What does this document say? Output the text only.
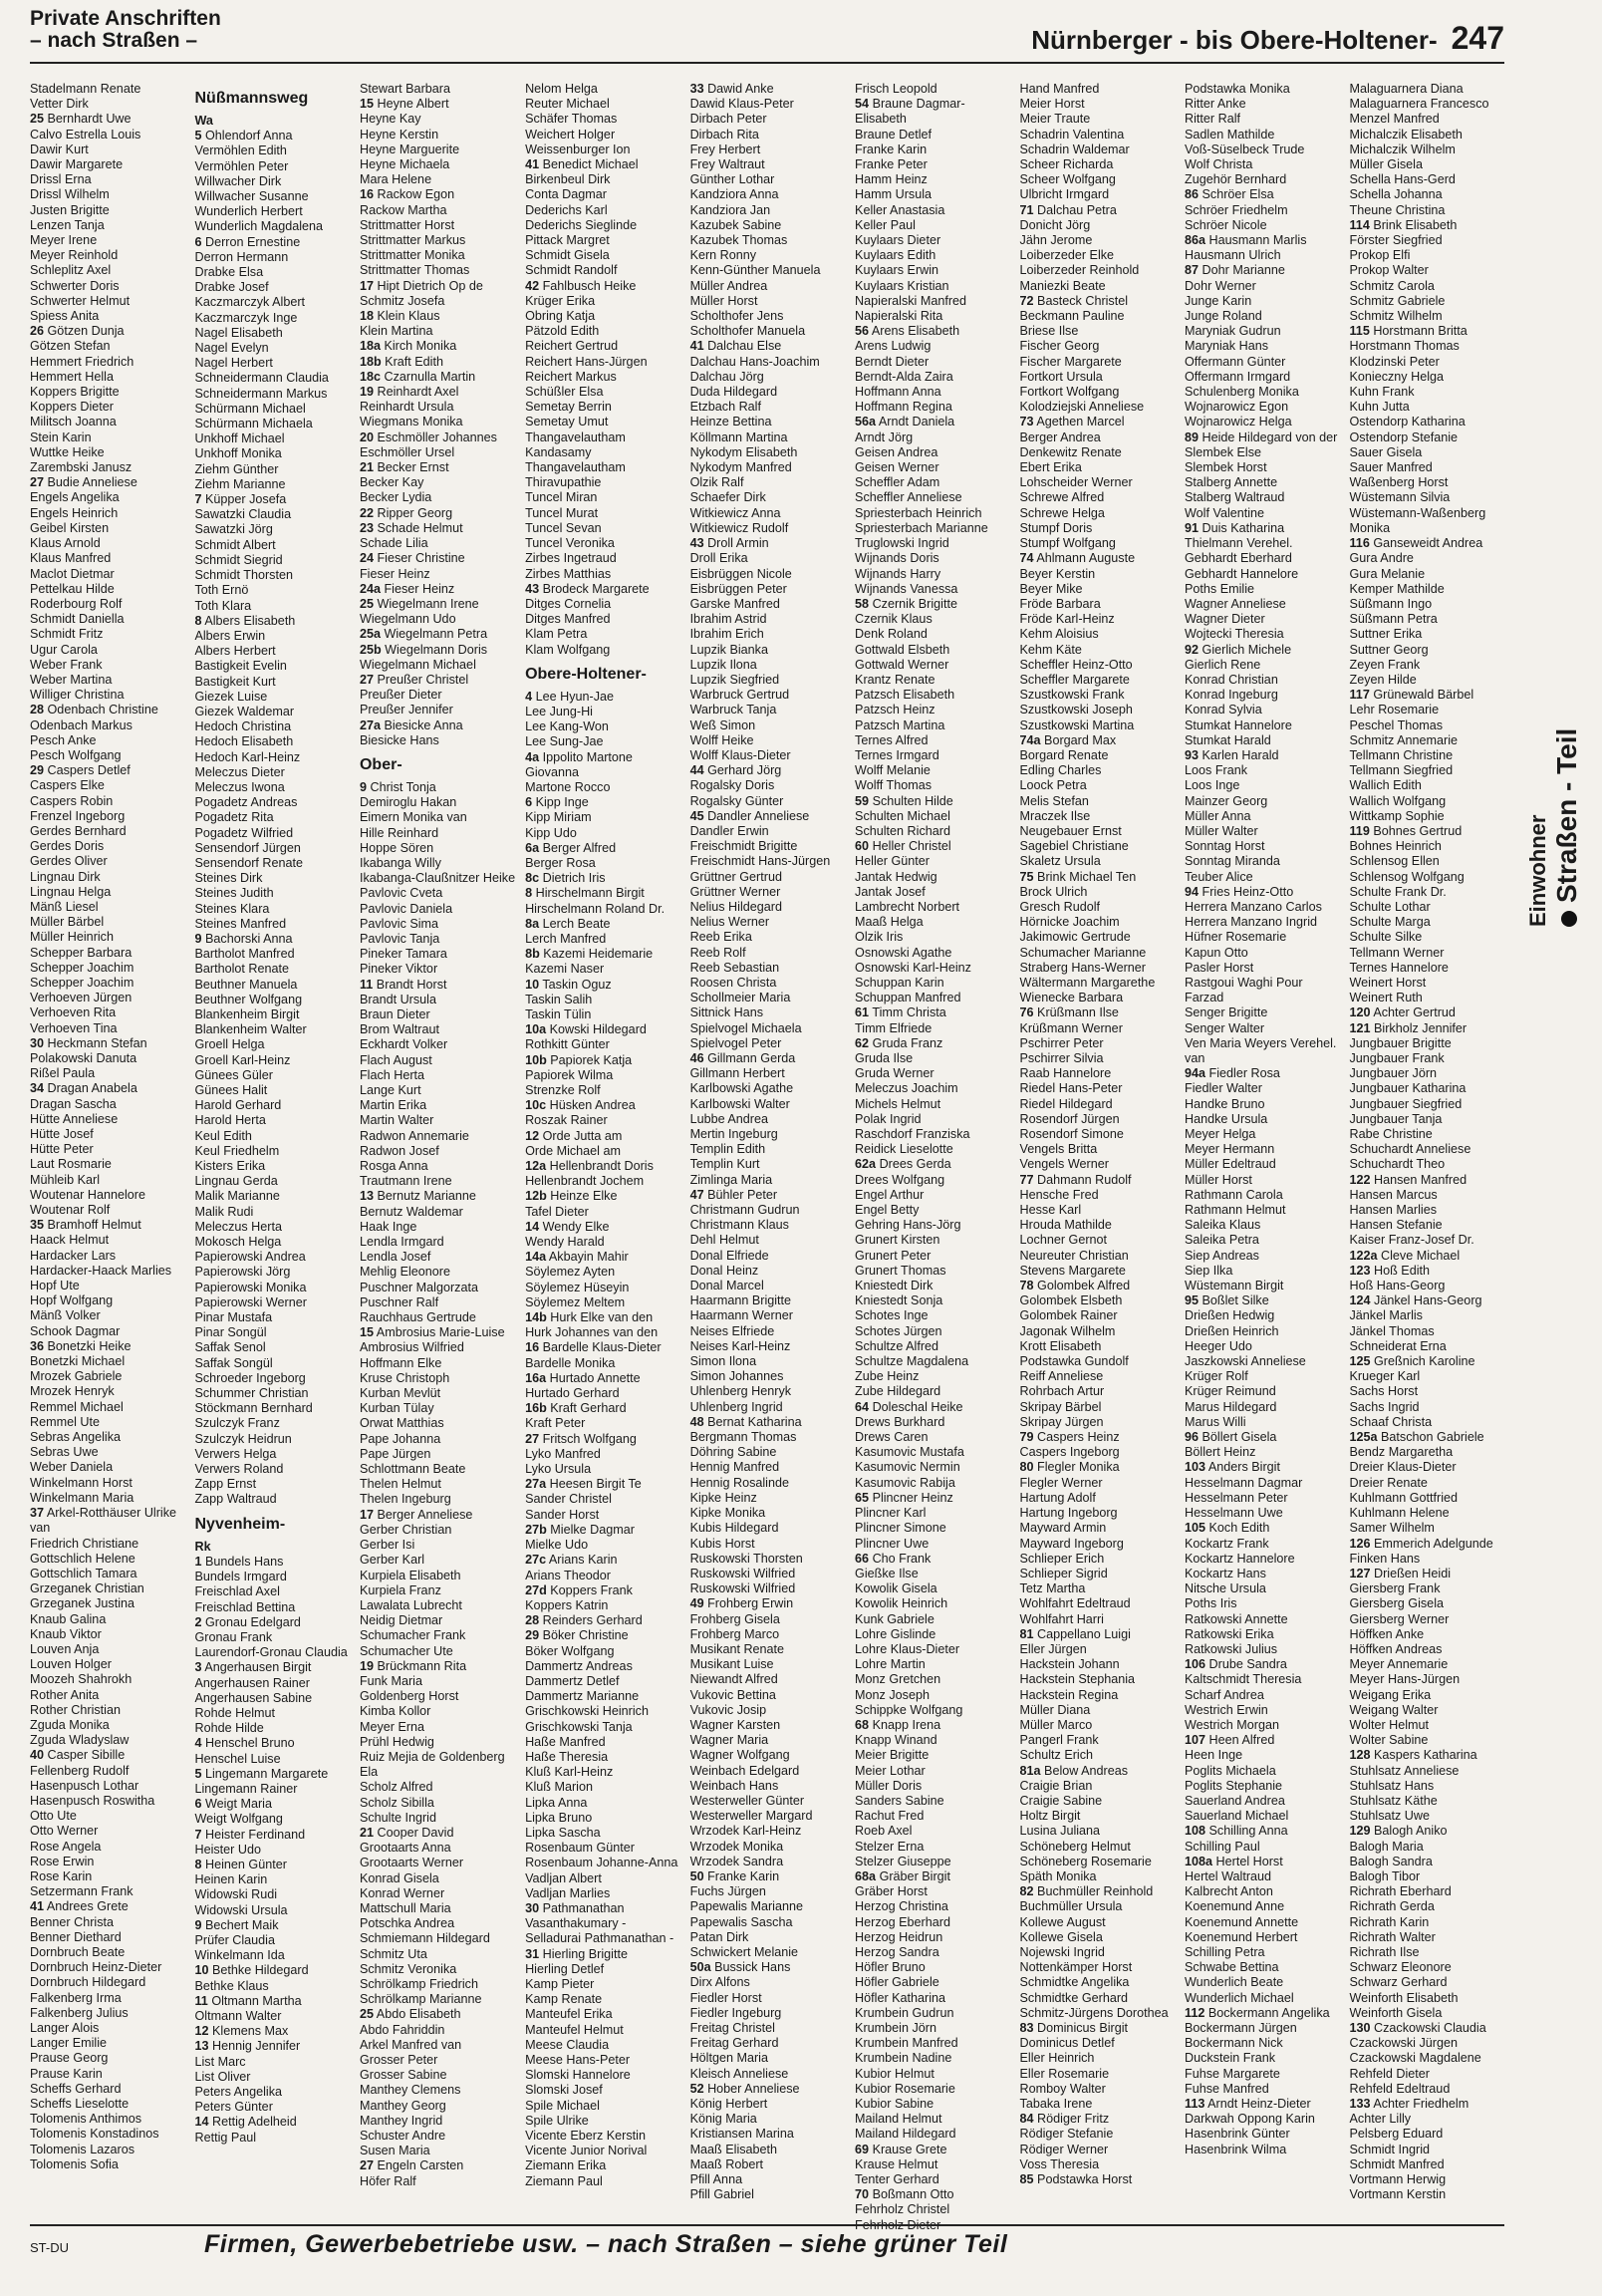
Private Anschriften
– nach Straßen –	Nürnberger - bis Obere-Holtener- 247
Stadelmann Renate
Vetter Dirk
25 Bernhardt Uwe
Calvo Estrella Louis
Dawir Kurt
Dawir Margarete
Drissl Erna
Drissl Wilhelm
Justen Brigitte
Lenzen Tanja
Meyer Irene
Meyer Reinhold
Schleplitz Axel
Schwerter Doris
Schwerter Helmut
Spiess Anita
26 Götzen Dunja
Götzen Stefan
Hemmert Friedrich
Hemmert Hella
Koppers Brigitte
Koppers Dieter
Militsch Joanna
Stein Karin
Wuttke Heike
Zarembski Janusz
27 Budie Anneliese
Engels Angelika
Engels Heinrich
Geibel Kirsten
Klaus Arnold
Klaus Manfred
Maclot Dietmar
Pettelkau Hilde
Roderbourg Rolf
Schmidt Daniella
Schmidt Fritz
Ugur Carola
Weber Frank
Weber Martina
Williger Christina
28 Odenbach Christine
Odenbach Markus
Pesch Anke
Pesch Wolfgang
29 Caspers Detlef
Caspers Elke
Caspers Robin
Frenzel Ingeborg
Gerdes Bernhard
Gerdes Doris
Gerdes Oliver
Lingnau Dirk
Lingnau Helga
Mänß Liesel
Müller Bärbel
Müller Heinrich
Schepper Barbara
Schepper Joachim
Schepper Joachim
Verhoeven Jürgen
Verhoeven Rita
Verhoeven Tina
30 Heckmann Stefan
Polakowski Danuta
Rißel Paula
34 Dragan Anabela
Dragan Sascha
Hütte Anneliese
Hütte Josef
Hütte Peter
Laut Rosmarie
Mühleib Karl
Woutenar Hannelore
Woutenar Rolf
35 Bramhoff Helmut
Haack Helmut
Hardacker Lars
Hardacker-Haack Marlies
Hopf Ute
Hopf Wolfgang
Mänß Volker
Schook Dagmar
36 Bonetzki Heike
Bonetzki Michael
Mrozek Gabriele
Mrozek Henryk
Remmel Michael
Remmel Ute
Sebras Angelika
Sebras Uwe
Weber Daniela
Winkelmann Horst
Winkelmann Maria
37 Arkel-Rotthäuser Ulrike
van
Friedrich Christiane
Gottschlich Helene
Gottschlich Tamara
Grzeganek Christian
Grzeganek Justina
Knaub Galina
Knaub Viktor
Louven Anja
Louven Holger
Moozeh Shahrokh
Rother Anita
Rother Christian
Zguda Monika
Zguda Wladyslaw
40 Casper Sibille
Fellenberg Rudolf
Hasenpusch Lothar
Hasenpusch Roswitha
Otto Ute
Otto Werner
Rose Angela
Rose Erwin
Rose Karin
Setzermann Frank
41 Andrees Grete
Benner Christa
Benner Diethard
Dornbruch Beate
Dornbruch Heinz-Dieter
Dornbruch Hildegard
Falkenberg Irma
Falkenberg Julius
Langer Alois
Langer Emilie
Prause Georg
Prause Karin
Scheffs Gerhard
Scheffs Lieselotte
Tolomenis Anthimos
Tolomenis Konstadinos
Tolomenis Lazaros
Tolomenis Sofia
Nüßmannsweg
Wa
5 Ohlendorf Anna
Vermöhlen Edith
Vermöhlen Peter
Willwacher Dirk
Willwacher Susanne
Wunderlich Herbert
Wunderlich Magdalena
6 Derron Ernestine
Derron Hermann
Drabke Elsa
Drabke Josef
Kaczmarczyk Albert
Kaczmarczyk Inge
Nagel Elisabeth
Nagel Evelyn
Nagel Herbert
Schneidermann Claudia
Schneidermann Markus
Schürmann Michael
Schürmann Michaela
Unkhoff Michael
Unkhoff Monika
Ziehm Günther
Ziehm Marianne
7 Küpper Josefa
Sawatzki Claudia
Sawatzki Jörg
Schmidt Albert
Schmidt Siegrid
Schmidt Thorsten
Toth Ernö
Toth Klara
8 Albers Elisabeth
Albers Erwin
Albers Herbert
Bastigkeit Evelin
Bastigkeit Kurt
Giezek Luise
Giezek Waldemar
Hedoch Christina
Hedoch Elisabeth
Hedoch Karl-Heinz
Meleczus Dieter
Meleczus Iwona
Pogadetz Andreas
Pogadetz Rita
Pogadetz Wilfried
Sensendorf Jürgen
Sensendorf Renate
Steines Dirk
Steines Judith
Steines Klara
Steines Manfred
9 Bachorski Anna
Bartholot Manfred
Bartholot Renate
Beuthner Manuela
Beuthner Wolfgang
Blankenheim Birgit
Blankenheim Walter
Groell Helga
Groell Karl-Heinz
Günees Güler
Günees Halit
Harold Gerhard
Harold Herta
Keul Edith
Keul Friedhelm
Kisters Erika
Lingnau Gerda
Malik Marianne
Malik Rudi
Meleczus Herta
Mokosch Helga
Papierowski Andrea
Papierowski Jörg
Papierowski Monika
Papierowski Werner
Pinar Mustafa
Pinar Songül
Saffak Senol
Saffak Songül
Schroeder Ingeborg
Schummer Christian
Stöckmann Bernhard
Szulczyk Franz
Szulczyk Heidrun
Verwers Helga
Verwers Roland
Zapp Ernst
Zapp Waltraud
Nyvenheim-
Rk
1 Bundels Hans
Bundels Irmgard
Freischlad Axel
Freischlad Bettina
2 Gronau Edelgard
Gronau Frank
Laurendorf-Gronau Claudia
3 Angerhausen Birgit
Angerhausen Rainer
Angerhausen Sabine
Rohde Helmut
Rohde Hilde
4 Henschel Bruno
Henschel Luise
5 Lingemann Margarete
Lingemann Rainer
6 Weigt Maria
Weigt Wolfgang
7 Heister Ferdinand
Heister Udo
8 Heinen Günter
Heinen Karin
Widowski Rudi
Widowski Ursula
9 Bechert Maik
Prüfer Claudia
Winkelmann Ida
10 Bethke Hildegard
Bethke Klaus
11 Oltmann Martha
Oltmann Walter
12 Klemens Max
13 Hennig Jennifer
List Marc
List Oliver
Peters Angelika
Peters Günter
14 Rettig Adelheid
Rettig Paul
Stewart Barbara
15 Heyne Albert
Heyne Kay
Heyne Kerstin
Heyne Marguerite
Heyne Michaela
Mara Helene
16 Rackow Egon
Rackow Martha
Strittmatter Horst
Strittmatter Markus
Strittmatter Monika
Strittmatter Thomas
17 Hipt Dietrich Op de
Schmitz Josefa
18 Klein Klaus
Klein Martina
18a Kirch Monika
18b Kraft Edith
18c Czarnulla Martin
19 Reinhardt Axel
Reinhardt Ursula
Wiegmans Monika
20 Eschmöller Johannes
Eschmöller Ursel
21 Becker Ernst
Becker Kay
Becker Lydia
22 Ripper Georg
23 Schade Helmut
Schade Lilia
24 Fieser Christine
Fieser Heinz
24a Fieser Heinz
25 Wiegelmann Irene
Wiegelmann Udo
25a Wiegelmann Petra
25b Wiegelmann Doris
Wiegelmann Michael
27 Preußer Christel
Preußer Dieter
Preußer Jennifer
27a Biesicke Anna
Biesicke Hans
Ober-
9 Christ Tonja
Demiroglu Hakan
Eimern Monika van
Hille Reinhard
Hoppe Sören
Ikabanga Willy
Ikabanga-Claußnitzer Heike
Pavlovic Cveta
Pavlovic Daniela
Pavlovic Sima
Pavlovic Tanja
Pineker Tamara
Pineker Viktor
11 Brandt Horst
Brandt Ursula
Braun Dieter
Brom Waltraut
Eckhardt Volker
Flach August
Flach Herta
Lange Kurt
Martin Erika
Martin Walter
Radwon Annemarie
Radwon Josef
Rosga Anna
Trautmann Irene
13 Bernutz Marianne
Bernutz Waldemar
Haak Inge
Lendla Irmgard
Lendla Josef
Mehlig Eleonore
Puschner Malgorzata
Puschner Ralf
Rauchhaus Gertrude
15 Ambrosius Marie-Luise
Ambrosius Wilfried
Hoffmann Elke
Kruse Christoph
Kurban Mevlüt
Kurban Tülay
Orwat Matthias
Pape Johanna
Pape Jürgen
Schlottmann Beate
Thelen Helmut
Thelen Ingeburg
17 Berger Anneliese
Gerber Christian
Gerber Isi
Gerber Karl
Kurpiela Elisabeth
Kurpiela Franz
Lawalata Lubrecht
Neidig Dietmar
Schumacher Frank
Schumacher Ute
19 Brückmann Rita
Funk Maria
Goldenberg Horst
Kimba Kollor
Meyer Erna
Prühl Hedwig
Ruiz Mejia de Goldenberg
Ela
Scholz Alfred
Scholz Sibilla
Schulte Ingrid
21 Cooper David
Grootaarts Anna
Grootaarts Werner
Konrad Gisela
Konrad Werner
Mattschull Maria
Potschka Andrea
Schmiemann Hildegard
Schmitz Uta
Schmitz Veronika
Schrölkamp Friedrich
Schrölkamp Marianne
25 Abdo Elisabeth
Abdo Fahriddin
Arkel Manfred van
Grosser Peter
Grosser Sabine
Manthey Clemens
Manthey Georg
Manthey Ingrid
Schuster Andre
Susen Maria
27 Engeln Carsten
Höfer Ralf
Nelom Helga
Reuter Michael
Schäfer Thomas
Weichert Holger
Weissenburger Ion
41 Benedict Michael
Birkenbeul Dirk
Conta Dagmar
Dederichs Karl
Dederichs Sieglinde
Pittack Margret
Schmidt Gisela
Schmidt Randolf
42 Fahlbusch Heike
Krüger Erika
Obring Katja
Pätzold Edith
Reichert Gertrud
Reichert Hans-Jürgen
Reichert Markus
Schüßler Elsa
Semetay Berrin
Semetay Umut
Thangavelautham
Kandasamy
Thangavelautham
Thiravupathie
Tuncel Miran
Tuncel Murat
Tuncel Sevan
Tuncel Veronika
Zirbes Ingetraud
Zirbes Matthias
43 Brodeck Margarete
Ditges Cornelia
Ditges Manfred
Klam Petra
Klam Wolfgang
Obere-Holtener-
4 Lee Hyun-Jae
Lee Jung-Hi
Lee Kang-Won
Lee Sung-Jae
4a Ippolito Martone
Giovanna
Martone Rocco
6 Kipp Inge
Kipp Miriam
Kipp Udo
6a Berger Alfred
Berger Rosa
8c Dietrich Iris
8 Hirschelmann Birgit
Hirschelmann Roland Dr.
8a Lerch Beate
Lerch Manfred
8b Kazemi Heidemarie
Kazemi Naser
10 Taskin Oguz
Taskin Salih
Taskin Tülin
10a Kowski Hildegard
Rothkitt Günter
10b Papiorek Katja
Papiorek Wilma
Strenzke Rolf
10c Hüsken Andrea
Roszak Rainer
12 Orde Jutta am
Orde Michael am
12a Hellenbrandt Doris
Hellenbrandt Jochem
12b Heinze Elke
Tafel Dieter
14 Wendy Elke
Wendy Harald
14a Akbayin Mahir
Söylemez Ayten
Söylemez Hüseyin
Söylemez Meltem
14b Hurk Elke van den
Hurk Johannes van den
16 Bardelle Klaus-Dieter
Bardelle Monika
16a Hurtado Annette
Hurtado Gerhard
16b Kraft Gerhard
Kraft Peter
27 Fritsch Wolfgang
Lyko Manfred
Lyko Ursula
27a Heesen Birgit Te
Sander Christel
Sander Horst
27b Mielke Dagmar
Mielke Udo
27c Arians Karin
Arians Theodor
27d Koppers Frank
Koppers Katrin
28 Reinders Gerhard
29 Böker Christine
Böker Wolfgang
Dammertz Andreas
Dammertz Detlef
Dammertz Marianne
Grischkowski Heinrich
Grischkowski Tanja
Haße Manfred
Haße Theresia
Kluß Karl-Heinz
Kluß Marion
Lipka Anna
Lipka Bruno
Lipka Sascha
Rosenbaum Günter
Rosenbaum Johanne-Anna
Vadljan Albert
Vadljan Marlies
30 Pathmanathan
Vasanthakumary -
Selladurai Pathmanathan -
31 Hierling Brigitte
Hierling Detlef
Kamp Pieter
Kamp Renate
Manteufel Erika
Manteufel Helmut
Meese Claudia
Meese Hans-Peter
Slomski Hannelore
Slomski Josef
Spile Michael
Spile Ulrike
Vicente Eberz Kerstin
Vicente Junior Norival
Ziemann Erika
Ziemann Paul
33 Dawid Anke
Dawid Klaus-Peter
Dirbach Peter
Dirbach Rita
Frey Herbert
Frey Waltraut
Günther Lothar
Kandziora Anna
Kandziora Jan
Kazubek Sabine
Kazubek Thomas
Kern Ronny
Kenn-Günther Manuela
Müller Andrea
Müller Horst
Scholthofer Jens
Scholthofer Manuela
41 Dalchau Else
Dalchau Hans-Joachim
Dalchau Jörg
Duda Hildegard
Etzbach Ralf
Heinze Bettina
Köllmann Martina
Nykodym Elisabeth
Nykodym Manfred
Olzik Ralf
Schaefer Dirk
Witkiewicz Anna
Witkiewicz Rudolf
43 Droll Armin
Droll Erika
Eisbrüggen Nicole
Eisbrüggen Peter
Garske Manfred
Ibrahim Astrid
Ibrahim Erich
Lupzik Bianka
Lupzik Ilona
Lupzik Siegfried
Warbruck Gertrud
Warbruck Tanja
Weß Simon
Wolff Heike
Wolff Klaus-Dieter
44 Gerhard Jörg
Rogalsky Doris
Rogalsky Günter
45 Dandler Anneliese
Dandler Erwin
Freischmidt Brigitte
Freischmidt Hans-Jürgen
Grüttner Gertrud
Grüttner Werner
Nelius Hildegard
Nelius Werner
Reeb Erika
Reeb Rolf
Reeb Sebastian
Roosen Christa
Schollmeier Maria
Sittnick Hans
Spielvogel Michaela
Spielvogel Peter
46 Gillmann Gerda
Gillmann Herbert
Karlbowski Agathe
Karlbowski Walter
Lubbe Andrea
Mertin Ingeburg
Templin Edith
Templin Kurt
Zimlinga Maria
47 Bühler Peter
Christmann Gudrun
Christmann Klaus
Dehl Helmut
Donal Elfriede
Donal Heinz
Donal Marcel
Haarmann Brigitte
Haarmann Werner
Neises Elfriede
Neises Karl-Heinz
Simon Ilona
Simon Johannes
Uhlenberg Henryk
Uhlenberg Ingrid
48 Bernat Katharina
Bergmann Thomas
Döhring Sabine
Hennig Manfred
Hennig Rosalinde
Kipke Heinz
Kipke Monika
Kubis Hildegard
Kubis Horst
Ruskowski Thorsten
Ruskowski Wilfried
Ruskowski Wilfried
49 Frohberg Erwin
Frohberg Gisela
Frohberg Marco
Musikant Renate
Musikant Luise
Niewandt Alfred
Vukovic Bettina
Vukovic Josip
Wagner Karsten
Wagner Maria
Wagner Wolfgang
Weinbach Edelgard
Weinbach Hans
Westerweller Günter
Westerweller Margard
Wrzodek Karl-Heinz
Wrzodek Monika
Wrzodek Sandra
50 Franke Karin
Fuchs Jürgen
Papewalis Marianne
Papewalis Sascha
Patan Dirk
Schwickert Melanie
50a Bussick Hans
Dirx Alfons
Fiedler Horst
Fiedler Ingeburg
Freitag Christel
Freitag Gerhard
Höltgen Maria
Kleisch Anneliese
52 Hober Anneliese
König Herbert
König Maria
Kristiansen Marina
Maaß Elisabeth
Maaß Robert
Pfill Anna
Pfill Gabriel
Frisch Leopold
54 Braune Dagmar-
Elisabeth
Braune Detlef
Franke Karin
Franke Peter
Hamm Heinz
Hamm Ursula
Keller Anastasia
Keller Paul
Kuylaars Dieter
Kuylaars Edith
Kuylaars Erwin
Kuylaars Kristian
Napieralski Manfred
Napieralski Rita
56 Arens Elisabeth
Arens Ludwig
Berndt Dieter
Berndt-Alda Zaira
Hoffmann Anna
Hoffmann Regina
56a Arndt Daniela
Arndt Jörg
Geisen Andrea
Geisen Werner
Scheffler Adam
Scheffler Anneliese
Spriesterbach Heinrich
Spriesterbach Marianne
Truglowski Ingrid
Wijnands Doris
Wijnands Harry
Wijnands Vanessa
58 Czernik Brigitte
Czernik Klaus
Denk Roland
Gottwald Elsbeth
Gottwald Werner
Krantz Renate
Patzsch Elisabeth
Patzsch Heinz
Patzsch Martina
Ternes Alfred
Ternes Irmgard
Wolff Melanie
Wolff Thomas
59 Schulten Hilde
Schulten Michael
Schulten Richard
60 Heller Christel
Heller Günter
Jantak Hedwig
Jantak Josef
Lambrecht Norbert
Maaß Helga
Olzik Iris
Osnowski Agathe
Osnowski Karl-Heinz
Schuppan Karin
Schuppan Manfred
61 Timm Christa
Timm Elfriede
62 Gruda Franz
Gruda Ilse
Gruda Werner
Meleczus Joachim
Michels Helmut
Polak Ingrid
Raschdorf Franziska
Reidick Lieselotte
62a Drees Gerda
Drees Wolfgang
Engel Arthur
Engel Betty
Gehring Hans-Jörg
Grunert Kirsten
Grunert Peter
Grunert Thomas
Kniestedt Dirk
Kniestedt Sonja
Schotes Inge
Schotes Jürgen
Schultze Alfred
Schultze Magdalena
Zube Heinz
Zube Hildegard
64 Doleschal Heike
Drews Burkhard
Drews Caren
Kasumovic Mustafa
Kasumovic Nermin
Kasumovic Rabija
65 Plincner Heinz
Plincner Karl
Plincner Simone
Plincner Uwe
66 Cho Frank
Gießke Ilse
Kowolik Gisela
Kowolik Heinrich
Kunk Gabriele
Lohre Gislinde
Lohre Klaus-Dieter
Lohre Martin
Monz Gretchen
Monz Joseph
Schippke Wolfgang
68 Knapp Irena
Knapp Winand
Meier Brigitte
Meier Lothar
Müller Doris
Sanders Sabine
Rachut Fred
Roeb Axel
Stelzer Erna
Stelzer Giuseppe
68a Gräber Birgit
Gräber Horst
Herzog Christina
Herzog Eberhard
Herzog Heidrun
Herzog Sandra
Höfler Bruno
Höfler Gabriele
Höfler Katharina
Krumbein Gudrun
Krumbein Jörn
Krumbein Manfred
Krumbein Nadine
Kubior Helmut
Kubior Rosemarie
Kubior Sabine
Mailand Helmut
Mailand Hildegard
69 Krause Grete
Krause Helmut
Tenter Gerhard
70 Boßmann Otto
Fehrholz Christel
Fehrholz Dieter
Hand Manfred
Meier Horst
Meier Traute
Schadrin Valentina
Schadrin Waldemar
Scheer Richarda
Scheer Wolfgang
Ulbricht Irmgard
71 Dalchau Petra
Donicht Jörg
Jähn Jerome
Loiberzeder Elke
Loiberzeder Reinhold
Maniezki Beate
72 Basteck Christel
Beckmann Pauline
Briese Ilse
Fischer Georg
Fischer Margarete
Fortkort Ursula
Fortkort Wolfgang
Kolodziejski Anneliese
73 Agethen Marcel
Berger Andrea
Denkewitz Renate
Ebert Erika
Lohscheider Werner
Schrewe Alfred
Schrewe Helga
Stumpf Doris
Stumpf Wolfgang
74 Ahlmann Auguste
Beyer Kerstin
Beyer Mike
Fröde Barbara
Fröde Karl-Heinz
Kehm Aloisius
Kehm Käte
Scheffler Heinz-Otto
Scheffler Margarete
Szustkowski Frank
Szustkowski Joseph
Szustkowski Martina
74a Borgard Max
Borgard Renate
Edling Charles
Loock Petra
Melis Stefan
Mraczek Ilse
Neugebauer Ernst
Sagebiel Christiane
Skaletz Ursula
75 Brink Michael Ten
Brock Ulrich
Gresch Rudolf
Hörnicke Joachim
Jakimowic Gertrude
Schumacher Marianne
Straberg Hans-Werner
Wältermann Margarethe
Wienecke Barbara
76 Krüßmann Ilse
Krüßmann Werner
Pschirrer Peter
Pschirrer Silvia
Raab Hannelore
Riedel Hans-Peter
Riedel Hildegard
Rosendorf Jürgen
Rosendorf Simone
Vengels Britta
Vengels Werner
77 Dahmann Rudolf
Hensche Fred
Hesse Karl
Hrouda Mathilde
Lochner Gernot
Neureuter Christian
Stevens Margarete
78 Golombek Alfred
Golombek Elsbeth
Golombek Rainer
Jagonak Wilhelm
Krott Elisabeth
Podstawka Gundolf
Reiff Anneliese
Rohrbach Artur
Skripay Bärbel
Skripay Jürgen
79 Caspers Heinz
Caspers Ingeborg
80 Flegler Monika
Flegler Werner
Hartung Adolf
Hartung Ingeborg
Mayward Armin
Mayward Ingeborg
Schlieper Erich
Schlieper Sigrid
Tetz Martha
Wohlfahrt Edeltraud
Wohlfahrt Harri
81 Cappellano Luigi
Eller Jürgen
Hackstein Johann
Hackstein Stephania
Hackstein Regina
Müller Diana
Müller Marco
Pangerl Frank
Schultz Erich
81a Below Andreas
Craigie Brian
Craigie Sabine
Holtz Birgit
Lusina Juliana
Schöneberg Helmut
Schöneberg Rosemarie
Späth Monika
82 Buchmüller Reinhold
Buchmüller Ursula
Kollewe August
Kollewe Gisela
Nojewski Ingrid
Nottenkämper Horst
Schmidtke Angelika
Schmidtke Gerhard
Schmitz-Jürgens Dorothea
83 Dominicus Birgit
Dominicus Detlef
Eller Heinrich
Eller Rosemarie
Romboy Walter
Tabaka Irene
84 Rödiger Fritz
Rödiger Stefanie
Rödiger Werner
Voss Theresia
85 Podstawka Horst
Podstawka Monika
Ritter Anke
Ritter Ralf
Sadlen Mathilde
Voß-Süselbeck Trude
Wolf Christa
Zugehör Bernhard
86 Schröer Elsa
Schröer Friedhelm
Schröer Nicole
86a Hausmann Marlis
Hausmann Ulrich
87 Dohr Marianne
Dohr Werner
Junge Karin
Junge Roland
Maryniak Gudrun
Maryniak Hans
Offermann Günter
Offermann Irmgard
Schulenberg Monika
Wojnarowicz Egon
Wojnarowicz Helga
89 Heide Hildegard von der
Slembek Else
Slembek Horst
Stalberg Annette
Stalberg Waltraud
Wolf Valentine
91 Duis Katharina
Thielmann Verehel.
Gebhardt Eberhard
Gebhardt Hannelore
Poths Emilie
Wagner Anneliese
Wagner Dieter
Wojtecki Theresia
92 Gierlich Michele
Gierlich Rene
Konrad Christian
Konrad Ingeburg
Konrad Sylvia
Stumkat Hannelore
Stumkat Harald
93 Karlen Harald
Loos Frank
Loos Inge
Mainzer Georg
Müller Anna
Müller Walter
Sonntag Horst
Sonntag Miranda
Teuber Alice
94 Fries Heinz-Otto
Herrera Manzano Carlos
Herrera Manzano Ingrid
Hüfner Rosemarie
Kapun Otto
Pasler Horst
Rastgoui Waghi Pour
Farzad
Senger Brigitte
Senger Walter
Ven Maria Weyers Verehel.
van
94a Fiedler Rosa
Fiedler Walter
Handke Bruno
Handke Ursula
Meyer Helga
Meyer Hermann
Müller Edeltraud
Müller Horst
Rathmann Carola
Rathmann Helmut
Saleika Klaus
Saleika Petra
Siep Andreas
Siep Ilka
Wüstemann Birgit
95 Boßlet Silke
Drießen Hedwig
Drießen Heinrich
Heeger Udo
Jaszkowski Anneliese
Krüger Rolf
Krüger Reimund
Marus Hildegard
Marus Willi
96 Böllert Gisela
Böllert Heinz
103 Anders Birgit
Hesselmann Dagmar
Hesselmann Peter
Hesselmann Uwe
105 Koch Edith
Kockartz Frank
Kockartz Hannelore
Kockartz Hans
Nitsche Ursula
Poths Iris
Ratkowski Annette
Ratkowski Erika
Ratkowski Julius
106 Drube Sandra
Kaltschmidt Theresia
Scharf Andrea
Westrich Erwin
Westrich Morgan
107 Heen Alfred
Heen Inge
Poglits Michaela
Poglits Stephanie
Sauerland Andrea
Sauerland Michael
108 Schilling Anna
Schilling Paul
108a Hertel Horst
Hertel Waltraud
Kalbrecht Anton
Koenemund Anne
Koenemund Annette
Koenemund Herbert
Schilling Petra
Schwabe Bettina
Wunderlich Beate
Wunderlich Michael
112 Bockermann Angelika
Bockermann Jürgen
Bockermann Nick
Duckstein Frank
Fuhse Margarete
Fuhse Manfred
113 Arndt Heinz-Dieter
Darkwah Oppong Karin
Hasenbrink Günter
Hasenbrink Wilma
Malaguarnera Diana
Malaguarnera Francesco
Menzel Manfred
Michalczik Elisabeth
Michalczik Wilhelm
Müller Gisela
Schella Hans-Gerd
Schella Johanna
Theune Christina
114 Brink Elisabeth
Förster Siegfried
Prokop Elfi
Prokop Walter
Schmitz Carola
Schmitz Gabriele
Schmitz Wilhelm
115 Horstmann Britta
Horstmann Thomas
Klodzinski Peter
Konieczny Helga
Kuhn Frank
Kuhn Jutta
Ostendorp Katharina
Ostendorp Stefanie
Sauer Gisela
Sauer Manfred
Waßenberg Horst
Wüstemann Silvia
Wüstemann-Waßenberg
Monika
116 Ganseweidt Andrea
Gura Andre
Gura Melanie
Kemper Mathilde
Süßmann Ingo
Süßmann Petra
Suttner Erika
Suttner Georg
Zeyen Frank
Zeyen Hilde
117 Grünewald Bärbel
Lehr Rosemarie
Peschel Thomas
Schmitz Annemarie
Tellmann Christine
Tellmann Siegfried
Wallich Edith
Wallich Wolfgang
Wittkamp Sophie
119 Bohnes Gertrud
Bohnes Heinrich
Schlensog Ellen
Schlensog Wolfgang
Schulte Frank Dr.
Schulte Lothar
Schulte Marga
Schulte Silke
Tellmann Werner
Ternes Hannelore
Weinert Horst
Weinert Ruth
120 Achter Gertrud
121 Birkholz Jennifer
Jungbauer Brigitte
Jungbauer Frank
Jungbauer Jörn
Jungbauer Katharina
Jungbauer Siegfried
Jungbauer Tanja
Rabe Christine
Schuchardt Anneliese
Schuchardt Theo
122 Hansen Manfred
Hansen Marcus
Hansen Marlies
Hansen Stefanie
Kaiser Franz-Josef Dr.
122a Cleve Michael
123 Hoß Edith
Hoß Hans-Georg
124 Jänkel Hans-Georg
Jänkel Marlis
Jänkel Thomas
Schneiderat Erna
125 Greßnich Karoline
Krueger Karl
Sachs Horst
Sachs Ingrid
Schaaf Christa
125a Batschon Gabriele
Bendz Margaretha
Dreier Klaus-Dieter
Dreier Renate
Kuhlmann Gottfried
Kuhlmann Helene
Samer Wilhelm
126 Emmerich Adelgunde
Finken Hans
127 Drießen Heidi
Giersberg Frank
Giersberg Gisela
Giersberg Werner
Höffken Anke
Höffken Andreas
Meyer Annemarie
Meyer Hans-Jürgen
Weigang Erika
Weigang Walter
Wolter Helmut
Wolter Sabine
128 Kaspers Katharina
Stuhlsatz Anneliese
Stuhlsatz Hans
Stuhlsatz Käthe
Stuhlsatz Uwe
129 Balogh Aniko
Balogh Maria
Balogh Sandra
Balogh Tibor
Richrath Eberhard
Richrath Gerda
Richrath Karin
Richrath Walter
Richrath Ilse
Schwarz Eleonore
Schwarz Gerhard
Weinforth Elisabeth
Weinforth Gisela
130 Czackowski Claudia
Czackowski Jürgen
Czackowski Magdalene
Rehfeld Dieter
Rehfeld Edeltraud
133 Achter Friedhelm
Achter Lilly
Pelsberg Eduard
Schmidt Ingrid
Schmidt Manfred
Vortmann Herwig
Vortmann Kerstin
Einwohner Straßen - Teil
ST-DU	Firmen, Gewerbebetriebe usw. – nach Straßen – siehe grüner Teil
